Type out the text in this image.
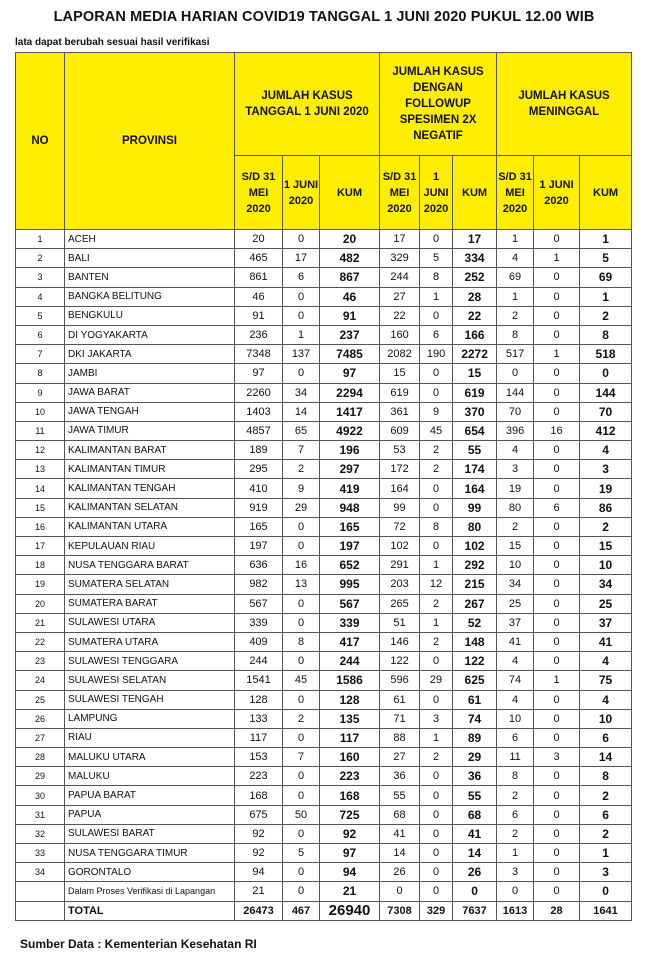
LAPORAN MEDIA HARIAN COVID19 TANGGAL 1 JUNI 2020 PUKUL 12.00 WIB
lata dapat berubah sesuai hasil verifikasi
NO	PROVINSI	JUMLAH KASUS TANGGAL 1 JUNI 2020			JUMLAH KASUS DENGAN FOLLOWUP SPESIMEN 2X NEGATIF			JUMLAH KASUS MENINGGAL		
		S/D 31 MEI 2020	1 JUNI 2020	KUM	S/D 31 MEI 2020	1 JUNI 2020	KUM	S/D 31 MEI 2020	1 JUNI 2020	KUM
1	ACEH	20	0	20	17	0	17	1	0	1
2	BALI	465	17	482	329	5	334	4	1	5
3	BANTEN	861	6	867	244	8	252	69	0	69
4	BANGKA BELITUNG	46	0	46	27	1	28	1	0	1
5	BENGKULU	91	0	91	22	0	22	2	0	2
6	DI YOGYAKARTA	236	1	237	160	6	166	8	0	8
7	DKI JAKARTA	7348	137	7485	2082	190	2272	517	1	518
8	JAMBI	97	0	97	15	0	15	0	0	0
9	JAWA BARAT	2260	34	2294	619	0	619	144	0	144
10	JAWA TENGAH	1403	14	1417	361	9	370	70	0	70
11	JAWA TIMUR	4857	65	4922	609	45	654	396	16	412
12	KALIMANTAN BARAT	189	7	196	53	2	55	4	0	4
13	KALIMANTAN TIMUR	295	2	297	172	2	174	3	0	3
14	KALIMANTAN TENGAH	410	9	419	164	0	164	19	0	19
15	KALIMANTAN SELATAN	919	29	948	99	0	99	80	6	86
16	KALIMANTAN UTARA	165	0	165	72	8	80	2	0	2
17	KEPULAUAN RIAU	197	0	197	102	0	102	15	0	15
18	NUSA TENGGARA BARAT	636	16	652	291	1	292	10	0	10
19	SUMATERA SELATAN	982	13	995	203	12	215	34	0	34
20	SUMATERA BARAT	567	0	567	265	2	267	25	0	25
21	SULAWESI UTARA	339	0	339	51	1	52	37	0	37
22	SUMATERA UTARA	409	8	417	146	2	148	41	0	41
23	SULAWESI TENGGARA	244	0	244	122	0	122	4	0	4
24	SULAWESI SELATAN	1541	45	1586	596	29	625	74	1	75
25	SULAWESI TENGAH	128	0	128	61	0	61	4	0	4
26	LAMPUNG	133	2	135	71	3	74	10	0	10
27	RIAU	117	0	117	88	1	89	6	0	6
28	MALUKU UTARA	153	7	160	27	2	29	11	3	14
29	MALUKU	223	0	223	36	0	36	8	0	8
30	PAPUA BARAT	168	0	168	55	0	55	2	0	2
31	PAPUA	675	50	725	68	0	68	6	0	6
32	SULAWESI BARAT	92	0	92	41	0	41	2	0	2
33	NUSA TENGGARA TIMUR	92	5	97	14	0	14	1	0	1
34	GORONTALO	94	0	94	26	0	26	3	0	3
	Dalam Proses Verifikasi di Lapangan	21	0	21	0	0	0	0	0	0
	TOTAL	26473	467	26940	7308	329	7637	1613	28	1641
Sumber Data : Kementerian Kesehatan RI
